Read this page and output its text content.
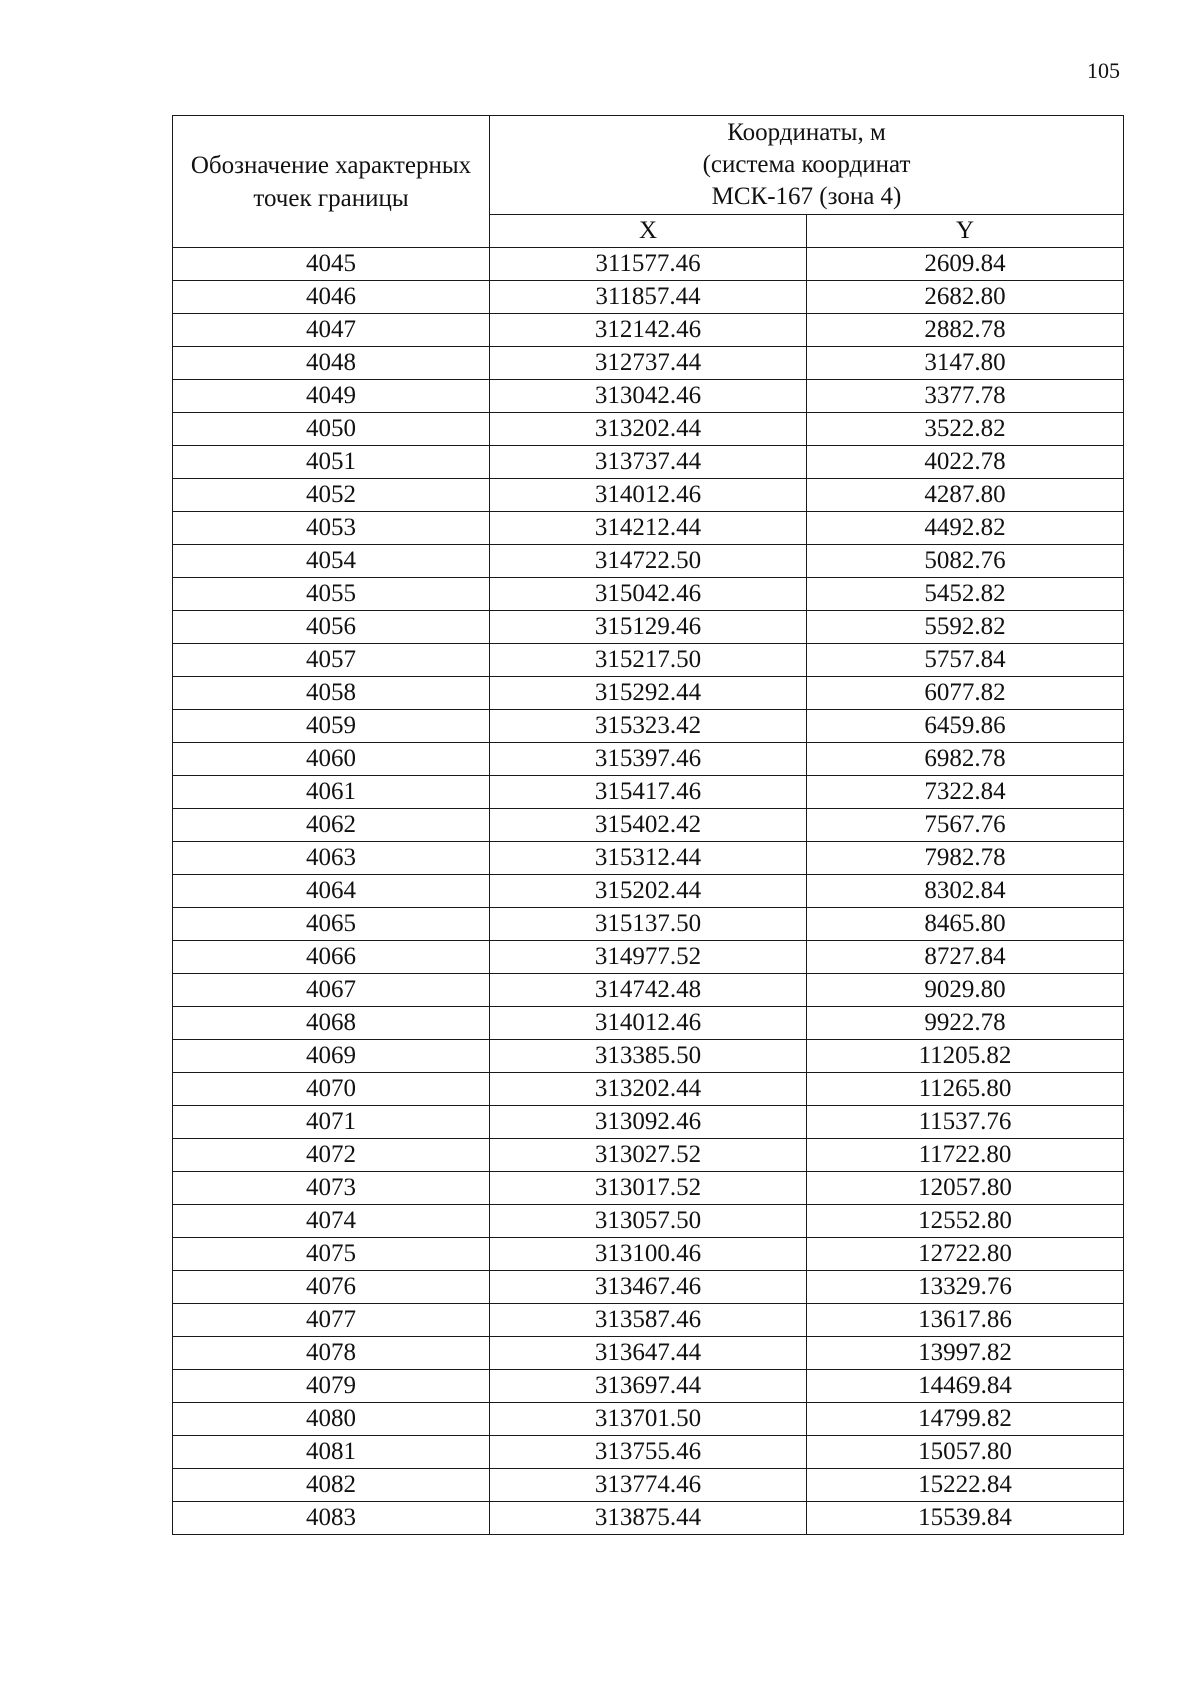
105
Обозначение характерных точек границы	Координаты, м
(система координат
МСК-167 (зона 4)	

	X	Y
4045	311577.46	2609.84
4046	311857.44	2682.80
4047	312142.46	2882.78
4048	312737.44	3147.80
4049	313042.46	3377.78
4050	313202.44	3522.82
4051	313737.44	4022.78
4052	314012.46	4287.80
4053	314212.44	4492.82
4054	314722.50	5082.76
4055	315042.46	5452.82
4056	315129.46	5592.82
4057	315217.50	5757.84
4058	315292.44	6077.82
4059	315323.42	6459.86
4060	315397.46	6982.78
4061	315417.46	7322.84
4062	315402.42	7567.76
4063	315312.44	7982.78
4064	315202.44	8302.84
4065	315137.50	8465.80
4066	314977.52	8727.84
4067	314742.48	9029.80
4068	314012.46	9922.78
4069	313385.50	11205.82
4070	313202.44	11265.80
4071	313092.46	11537.76
4072	313027.52	11722.80
4073	313017.52	12057.80
4074	313057.50	12552.80
4075	313100.46	12722.80
4076	313467.46	13329.76
4077	313587.46	13617.86
4078	313647.44	13997.82
4079	313697.44	14469.84
4080	313701.50	14799.82
4081	313755.46	15057.80
4082	313774.46	15222.84
4083	313875.44	15539.84
